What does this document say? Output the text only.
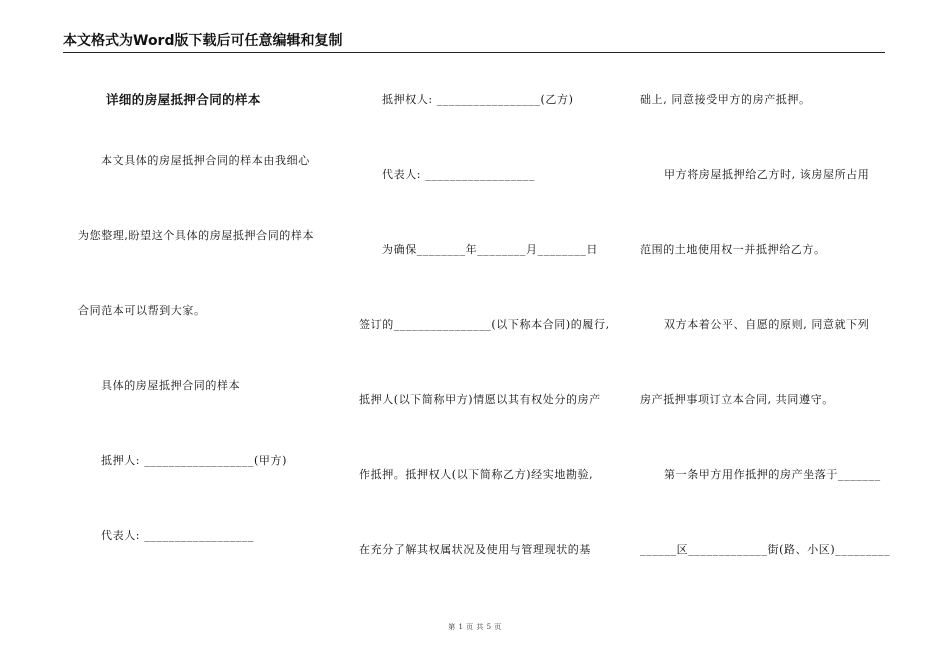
本文格式为Word版下载后可任意编辑和复制
详细的房屋抵押合同的样本
本文具体的房屋抵押合同的样本由我细心
为您整理,盼望这个具体的房屋抵押合同的样本
合同范本可以帮到大家。
具体的房屋抵押合同的样本
抵押人: __________________(甲方)
代表人: __________________
抵押权人: _________________(乙方)
代表人: __________________
为确保________年________月________日
签订的________________(以下称本合同)的履行,
抵押人(以下简称甲方)情愿以其有权处分的房产
作抵押。抵押权人(以下简称乙方)经实地勘验,
在充分了解其权属状况及使用与管理现状的基
础上, 同意接受甲方的房产抵押。
甲方将房屋抵押给乙方时, 该房屋所占用
范围的土地使用权一并抵押给乙方。
双方本着公平、自愿的原则, 同意就下列
房产抵押事项订立本合同, 共同遵守。
第一条甲方用作抵押的房产坐落于_______
______区_____________街(路、小区)_________
第 1 页 共 5 页
